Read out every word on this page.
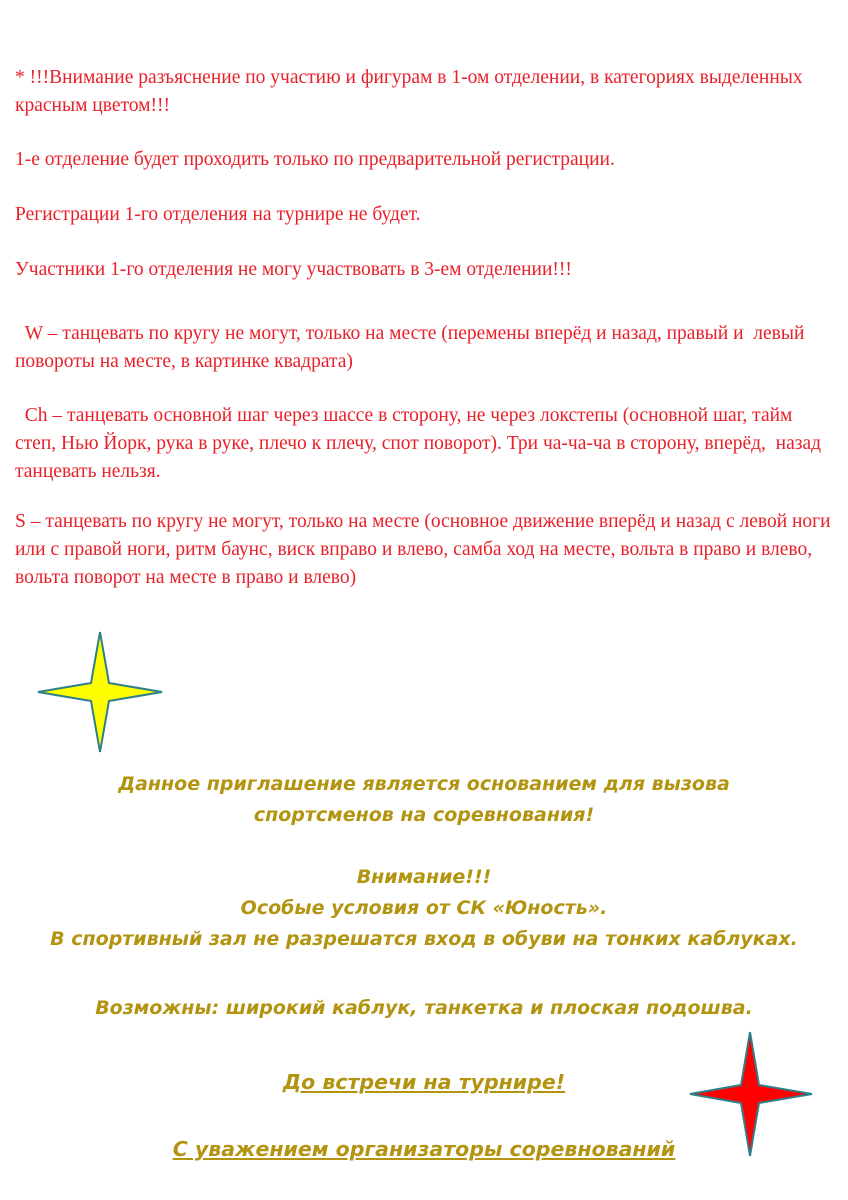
* !!!Внимание разъяснение по участию и фигурам в 1-ом отделении, в категориях выделенных красным цветом!!!

1-е отделение будет проходить только по предварительной регистрации.

Регистрации 1-го отделения на турнире не будет.

Участники 1-го отделения не могу участвовать в 3-ем отделении!!!

W – танцевать по кругу не могут, только на месте (перемены вперёд и назад, правый и  левый повороты на месте, в картинке квадрата)

Ch – танцевать основной шаг через шассе в сторону, не через локстепы (основной шаг, тайм  степ, Нью Йорк, рука в руке, плечо к плечу, спот поворот). Три ча-ча-ча в сторону, вперёд,  назад танцевать нельзя.

S – танцевать по кругу не могут, только на месте (основное движение вперёд и назад с левой ноги или с правой ноги, ритм баунс, виск вправо и влево, самба ход на месте, вольта в право и влево, вольта поворот на месте в право и влево)

Данное приглашение является основанием для вызова

спортсменов на соревнования!

Внимание!!!

Особые условия от СК «Юность».

В спортивный зал не разрешатся вход в обуви на тонких каблуках.

Возможны: широкий каблук, танкетка и плоская подошва.

До встречи на турнире!

С уважением организаторы соревнований
